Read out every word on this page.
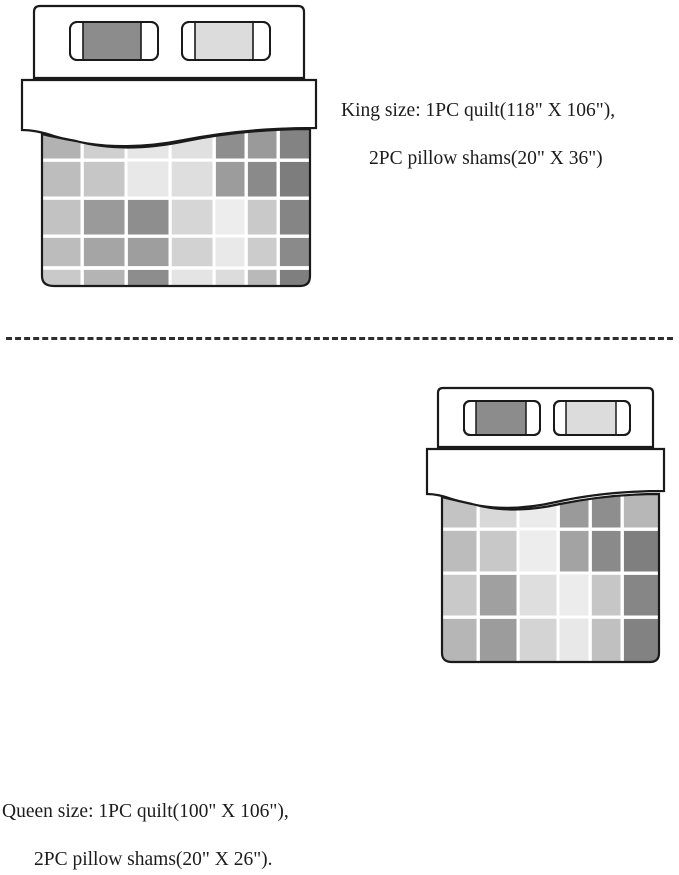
King size: 1PC quilt(118" X 106"),
2PC pillow shams(20" X 36")
Queen size: 1PC quilt(100" X 106"),
2PC pillow shams(20" X 26").
